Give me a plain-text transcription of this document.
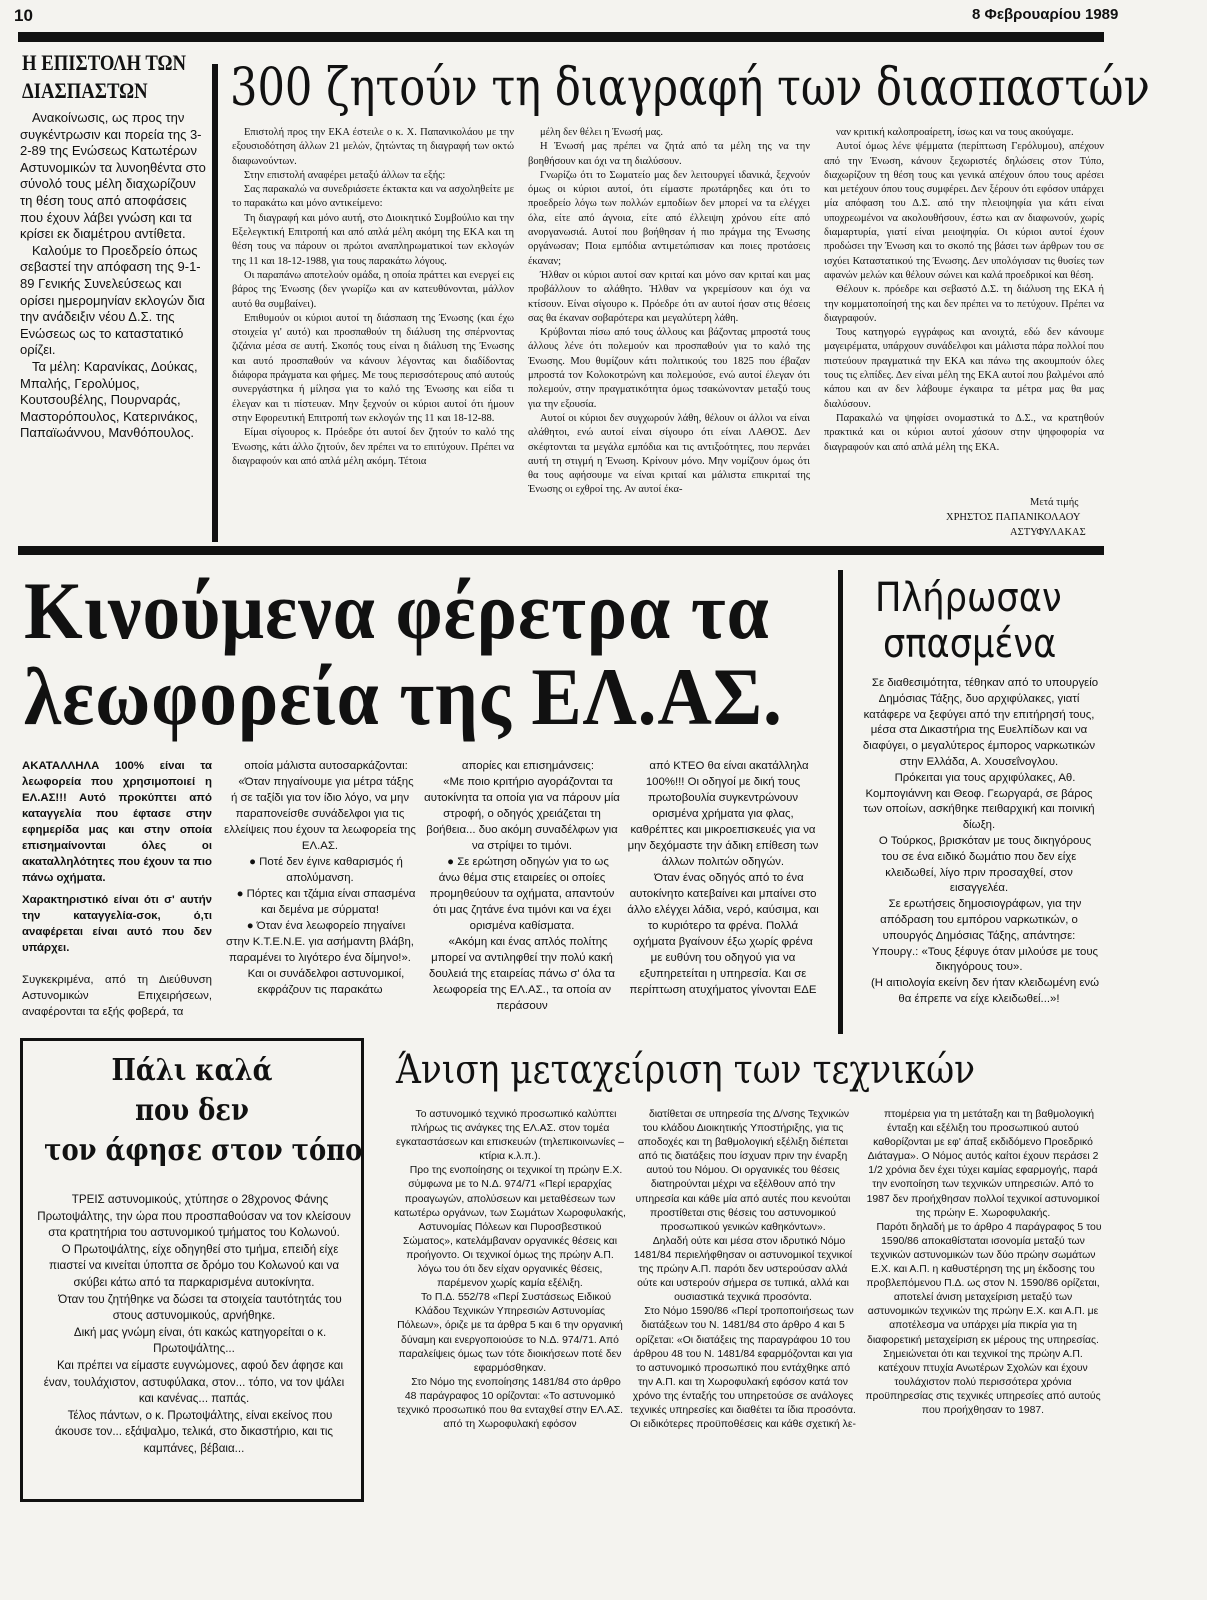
10	8 Φεβρουαρίου 1989
Η ΕΠΙΣΤΟΛΗ ΤΩΝ
ΔΙΑΣΠΑΣΤΩΝ

Ανακοίνωσις, ως προς την συγκέντρωσιν και πορεία της 3-2-89 της Ενώσεως Κατωτέρων Αστυνομικών τα λυνοηθέντα στο σύνολό τους μέλη διαχωρίζουν τη θέση τους από αποφάσεις που έχουν λάβει γνώση και τα κρίσει εκ διαμέτρου αντίθετα.

Καλούμε το Προεδρείο όπως σεβαστεί την απόφαση της 9-1-89 Γενικής Συνελεύσεως και ορίσει ημερομηνίαν εκλογών δια την ανάδειξιν νέου Δ.Σ. της Ενώσεως ως το καταστατικό ορίζει.

Τα μέλη: Καρανίκας, Δούκας, Μπαλής, Γερολύμος, Κουτσουβέλης, Πουρναράς, Μαστορόπουλος, Κατερινάκος, Παπαϊωάννου, Μανθόπουλος.

300 ζητούν τη διαγραφή των διασπαστών

Επιστολή προς την ΕΚΑ έστειλε ο κ. Χ. Παπανικολάου με την εξουσιοδότηση άλλων 21 μελών, ζητώντας τη διαγραφή των οκτώ διαφωνούντων.

Στην επιστολή αναφέρει μεταξύ άλλων τα εξής:

Σας παρακαλώ να συνεδριάσετε έκτακτα και να ασχοληθείτε με το παρακάτω και μόνο αντικείμενο:

Τη διαγραφή και μόνο αυτή, στο Διοικητικό Συμβούλιο και την Εξελεγκτική Επιτροπή και από απλά μέλη ακόμη της ΕΚΑ και τη θέση τους να πάρουν οι πρώτοι αναπληρωματικοί των εκλογών της 11 και 18-12-1988, για τους παρακάτω λόγους.

Οι παραπάνω αποτελούν ομάδα, η οποία πράττει και ενεργεί εις βάρος της Ένωσης (δεν γνωρίζω και αν κατευθύνονται, μάλλον αυτό θα συμβαίνει).

Επιθυμούν οι κύριοι αυτοί τη διάσπαση της Ένωσης (και έχω στοιχεία γι' αυτό) και προσπαθούν τη διάλυση της σπέρνοντας ζιζάνια μέσα σε αυτή. Σκοπός τους είναι η διάλυση της Ένωσης και αυτό προσπαθούν να κάνουν λέγοντας και διαδίδοντας διάφορα πράγματα και φήμες. Με τους περισσότερους από αυτούς συνεργάστηκα ή μίλησα για το καλό της Ένωσης και είδα τι έλεγαν και τι πίστευαν. Μην ξεχνούν οι κύριοι αυτοί ότι ήμουν στην Εφορευτική Επιτροπή των εκλογών της 11 και 18-12-88.

Είμαι σίγουρος κ. Πρόεδρε ότι αυτοί δεν ζητούν το καλό της Ένωσης, κάτι άλλο ζητούν, δεν πρέπει να το επιτύχουν. Πρέπει να διαγραφούν και από απλά μέλη ακόμη. Τέτοια

μέλη δεν θέλει η Ένωσή μας.

Η Ένωσή μας πρέπει να ζητά από τα μέλη της να την βοηθήσουν και όχι να τη διαλύσουν.

Γνωρίζω ότι το Σωματείο μας δεν λειτουργεί ιδανικά, ξεχνούν όμως οι κύριοι αυτοί, ότι είμαστε πρωτάρηδες και ότι το προεδρείο λόγω των πολλών εμποδίων δεν μπορεί να τα ελέγχει όλα, είτε από άγνοια, είτε από έλλειψη χρόνου είτε από ανοργανωσιά. Αυτοί που βοήθησαν ή πιο πράγμα της Ένωσης οργάνωσαν; Ποια εμπόδια αντιμετώπισαν και ποιες προτάσεις έκαναν;

Ήλθαν οι κύριοι αυτοί σαν κριταί και μόνο σαν κριταί και μας προβάλλουν το αλάθητο. Ήλθαν να γκρεμίσουν και όχι να κτίσουν. Είναι σίγουρο κ. Πρόεδρε ότι αν αυτοί ήσαν στις θέσεις σας θα έκαναν σοβαρότερα και μεγαλύτερη λάθη.

Κρύβονται πίσω από τους άλλους και βάζοντας μπροστά τους άλλους λένε ότι πολεμούν και προσπαθούν για το καλό της Ένωσης. Μου θυμίζουν κάτι πολιτικούς του 1825 που έβαζαν μπροστά τον Κολοκοτρώνη και πολεμούσε, ενώ αυτοί έλεγαν ότι πολεμούν, στην πραγματικότητα όμως τσακώνονταν μεταξύ τους για την εξουσία.

Αυτοί οι κύριοι δεν συγχωρούν λάθη, θέλουν οι άλλοι να είναι αλάθητοι, ενώ αυτοί είναι σίγουρο ότι είναι ΛΑΘΟΣ. Δεν σκέφτονται τα μεγάλα εμπόδια και τις αντιξοότητες, που περνάει αυτή τη στιγμή η Ένωση. Κρίνουν μόνο. Μην νομίζουν όμως ότι θα τους αφήσουμε να είναι κριταί και μάλιστα επικριταί της Ένωσης οι εχθροί της. Αν αυτοί έκα-

ναν κριτική καλοπροαίρετη, ίσως και να τους ακούγαμε.

Αυτοί όμως λένε ψέμματα (περίπτωση Γερόλυμου), απέχουν από την Ένωση, κάνουν ξεχωριστές δηλώσεις στον Τύπο, διαχωρίζουν τη θέση τους και γενικά απέχουν όπου τους αρέσει και μετέχουν όπου τους συμφέρει. Δεν ξέρουν ότι εφόσον υπάρχει μία απόφαση του Δ.Σ. από την πλειοψηφία για κάτι είναι υποχρεωμένοι να ακολουθήσουν, έστω και αν διαφωνούν, χωρίς διαμαρτυρία, γιατί είναι μειοψηφία. Οι κύριοι αυτοί έχουν προδώσει την Ένωση και το σκοπό της βάσει των άρθρων του σε ισχύει Καταστατικού της Ένωσης. Δεν υπολόγισαν τις θυσίες των αφανών μελών και θέλουν σώνει και καλά προεδρικοί και θέση.

Θέλουν κ. πρόεδρε και σεβαστό Δ.Σ. τη διάλυση της ΕΚΑ ή την κομματοποίησή της και δεν πρέπει να το πετύχουν. Πρέπει να διαγραφούν.

Τους κατηγορώ εγγράφως και ανοιχτά, εδώ δεν κάνουμε μαγειρέματα, υπάρχουν συνάδελφοι και μάλιστα πάρα πολλοί που πιστεύουν πραγματικά την ΕΚΑ και πάνω της ακουμπούν όλες τους τις ελπίδες. Δεν είναι μέλη της ΕΚΑ αυτοί που βαλμένοι από κάπου και αν δεν λάβουμε έγκαιρα τα μέτρα μας θα μας διαλύσουν.

Παρακαλώ να ψηφίσει ονομαστικά το Δ.Σ., να κρατηθούν πρακτικά και οι κύριοι αυτοί χάσουν στην ψηφοφορία να διαγραφούν και από απλά μέλη της ΕΚΑ.

Μετά τιμής
ΧΡΗΣΤΟΣ ΠΑΠΑΝΙΚΟΛΑΟΥ
ΑΣΤΥΦΥΛΑΚΑΣ
Κινούμενα φέρετρα τα
λεωφορεία της ΕΛ.ΑΣ.

ΑΚΑΤΑΛΛΗΛΑ 100% είναι τα λεωφορεία που χρησιμοποιεί η ΕΛ.ΑΣ!!! Αυτό προκύπτει από καταγγελία που έφτασε στην εφημερίδα μας και στην οποία επισημαίνονται όλες οι ακαταλληλότητες που έχουν τα πιο πάνω οχήματα.

Χαρακτηριστικό είναι ότι σ' αυτήν την καταγγελία-σοκ, ό,τι αναφέρεται είναι αυτό που δεν υπάρχει.

Συγκεκριμένα, από τη Διεύθυνση Αστυνομικών Επιχειρήσεων, αναφέρονται τα εξής φοβερά, τα

οποία μάλιστα αυτοσαρκάζονται:

«Όταν πηγαίνουμε για μέτρα τάξης ή σε ταξίδι για τον ίδιο λόγο, να μην παραπονείσθε συνάδελφοι για τις ελλείψεις που έχουν τα λεωφορεία της ΕΛ.ΑΣ.

● Ποτέ δεν έγινε καθαρισμός ή απολύμανση.

● Πόρτες και τζάμια είναι σπασμένα και δεμένα με σύρματα!

● Όταν ένα λεωφορείο πηγαίνει στην Κ.Τ.Ε.Ν.Ε. για ασήμαντη βλάβη, παραμένει το λιγότερο ένα δίμηνο!».

Και οι συνάδελφοι αστυνομικοί, εκφράζουν τις παρακάτω

απορίες και επισημάνσεις:

«Με ποιο κριτήριο αγοράζονται τα αυτοκίνητα τα οποία για να πάρουν μία στροφή, ο οδηγός χρειάζεται τη βοήθεια... δυο ακόμη συναδέλφων για να στρίψει το τιμόνι.

● Σε ερώτηση οδηγών για το ως άνω θέμα στις εταιρείες οι οποίες προμηθεύουν τα οχήματα, απαντούν ότι μας ζητάνε ένα τιμόνι και να έχει ορισμένα καθίσματα.

«Ακόμη και ένας απλός πολίτης μπορεί να αντιληφθεί την πολύ κακή δουλειά της εταιρείας πάνω σ' όλα τα λεωφορεία της ΕΛ.ΑΣ., τα οποία αν περάσουν

από ΚΤΕΟ θα είναι ακατάλληλα 100%!!! Οι οδηγοί με δική τους πρωτοβουλία συγκεντρώνουν ορισμένα χρήματα για φλας, καθρέπτες και μικροεπισκευές για να μην δεχόμαστε την άδικη επίθεση των άλλων πολιτών οδηγών.

Όταν ένας οδηγός από το ένα αυτοκίνητο κατεβαίνει και μπαίνει στο άλλο ελέγχει λάδια, νερό, καύσιμα, και το κυριότερο τα φρένα. Πολλά οχήματα βγαίνουν έξω χωρίς φρένα με ευθύνη του οδηγού για να εξυπηρετείται η υπηρεσία. Και σε περίπτωση ατυχήματος γίνονται ΕΔΕ

Πλήρωσαν
σπασμένα

Σε διαθεσιμότητα, τέθηκαν από το υπουργείο Δημόσιας Τάξης, δυο αρχιφύλακες, γιατί κατάφερε να ξεφύγει από την επιτήρησή τους, μέσα στα Δικαστήρια της Ευελπίδων και να διαφύγει, ο μεγαλύτερος έμπορος ναρκωτικών στην Ελλάδα, Α. Χουσεΐνογλου.

Πρόκειται για τους αρχιφύλακες, Αθ. Κομπογιάννη και Θεοφ. Γεωργαρά, σε βάρος των οποίων, ασκήθηκε πειθαρχική και ποινική δίωξη.

Ο Τούρκος, βρισκόταν με τους δικηγόρους του σε ένα ειδικό δωμάτιο που δεν είχε κλειδωθεί, λίγο πριν προσαχθεί, στον εισαγγελέα.

Σε ερωτήσεις δημοσιογράφων, για την απόδραση του εμπόρου ναρκωτικών, ο υπουργός Δημόσιας Τάξης, απάντησε:

Υπουργ.: «Τους ξέφυγε όταν μιλούσε με τους δικηγόρους του».

(Η αιτιολογία εκείνη δεν ήταν κλειδωμένη ενώ θα έπρεπε να είχε κλειδωθεί...»!

Πάλι καλά
που δεν
τον άφησε στον τόπο

ΤΡΕΙΣ αστυνομικούς, χτύπησε ο 28χρονος Φάνης Πρωτοψάλτης, την ώρα που προσπαθούσαν να τον κλείσουν στα κρατητήρια του αστυνομικού τμήματος του Κολωνού.

Ο Πρωτοψάλτης, είχε οδηγηθεί στο τμήμα, επειδή είχε πιαστεί να κινείται ύποπτα σε δρόμο του Κολωνού και να σκύβει κάτω από τα παρκαρισμένα αυτοκίνητα.

Όταν του ζητήθηκε να δώσει τα στοιχεία ταυτότητάς του στους αστυνομικούς, αρνήθηκε.

Δική μας γνώμη είναι, ότι κακώς κατηγορείται ο κ. Πρωτοψάλτης...

Και πρέπει να είμαστε ευγνώμονες, αφού δεν άφησε και έναν, τουλάχιστον, αστυφύλακα, στον... τόπο, να τον ψάλει και κανένας... παπάς.

Τέλος πάντων, ο κ. Πρωτοψάλτης, είναι εκείνος που άκουσε τον... εξάψαλμο, τελικά, στο δικαστήριο, και τις καμπάνες, βέβαια...

Άνιση μεταχείριση των τεχνικών

Το αστυνομικό τεχνικό προσωπικό καλύπτει πλήρως τις ανάγκες της ΕΛ.ΑΣ. στον τομέα εγκαταστάσεων και επισκευών (τηλεπικοινωνίες – κτίρια κ.λ.π.).

Προ της ενοποίησης οι τεχνικοί τη πρώην Ε.Χ. σύμφωνα με το Ν.Δ. 974/71 «Περί ιεραρχίας προαγωγών, απολύσεων και μεταθέσεων των κατωτέρω οργάνων, των Σωμάτων Χωροφυλακής, Αστυνομίας Πόλεων και Πυροσβεστικού Σώματος», κατελάμβαναν οργανικές θέσεις και προήγοντο. Οι τεχνικοί όμως της πρώην Α.Π. λόγω του ότι δεν είχαν οργανικές θέσεις, παρέμενον χωρίς καμία εξέλιξη.

Το Π.Δ. 552/78 «Περί Συστάσεως Ειδικού Κλάδου Τεχνικών Υπηρεσιών Αστυνομίας Πόλεων», όριζε με τα άρθρα 5 και 6 την οργανική δύναμη και ενεργοποιούσε το Ν.Δ. 974/71. Από παραλείψεις όμως των τότε διοικήσεων ποτέ δεν εφαρμόσθηκαν.

Στο Νόμο της ενοποίησης 1481/84 στο άρθρο 48 παράγραφος 10 ορίζονται: «Το αστυνομικό τεχνικό προσωπικό που θα ενταχθεί στην ΕΛ.ΑΣ. από τη Χωροφυλακή εφόσον

διατίθεται σε υπηρεσία της Δ/νσης Τεχνικών του κλάδου Διοικητικής Υποστήριξης, για τις αποδοχές και τη βαθμολογική εξέλιξη διέπεται από τις διατάξεις που ίσχυαν πριν την έναρξη αυτού του Νόμου. Οι οργανικές του θέσεις διατηρούνται μέχρι να εξέλθουν από την υπηρεσία και κάθε μία από αυτές που κενούται προστίθεται στις θέσεις του αστυνομικού προσωπικού γενικών καθηκόντων».

Δηλαδή ούτε και μέσα στον ιδρυτικό Νόμο 1481/84 περιελήφθησαν οι αστυνομικοί τεχνικοί της πρώην Α.Π. παρότι δεν υστερούσαν αλλά ούτε και υστερούν σήμερα σε τυπικά, αλλά και ουσιαστικά τεχνικά προσόντα.

Στο Νόμο 1590/86 «Περί τροποποιήσεως των διατάξεων του Ν. 1481/84 στο άρθρο 4 και 5 ορίζεται: «Οι διατάξεις της παραγράφου 10 του άρθρου 48 του Ν. 1481/84 εφαρμόζονται και για το αστυνομικό προσωπικό που εντάχθηκε από την Α.Π. και τη Χωροφυλακή εφόσον κατά τον χρόνο της ένταξής του υπηρετούσε σε ανάλογες τεχνικές υπηρεσίες και διαθέτει τα ίδια προσόντα. Οι ειδικότερες προϋποθέσεις και κάθε σχετική λε-

πτομέρεια για τη μετάταξη και τη βαθμολογική ένταξη και εξέλιξη του προσωπικού αυτού καθορίζονται με εφ' άπαξ εκδιδόμενο Προεδρικό Διάταγμα». Ο Νόμος αυτός καίτοι έχουν περάσει 2 1/2 χρόνια δεν έχει τύχει καμίας εφαρμογής, παρά την ενοποίηση των τεχνικών υπηρεσιών. Από το 1987 δεν προήχθησαν πολλοί τεχνικοί αστυνομικοί της πρώην Ε. Χωροφυλακής.

Παρότι δηλαδή με το άρθρο 4 παράγραφος 5 του 1590/86 αποκαθίσταται ισονομία μεταξύ των τεχνικών αστυνομικών των δύο πρώην σωμάτων Ε.Χ. και Α.Π. η καθυστέρηση της μη έκδοσης του προβλεπόμενου Π.Δ. ως στον Ν. 1590/86 ορίζεται, αποτελεί άνιση μεταχείριση μεταξύ των αστυνομικών τεχνικών της πρώην Ε.Χ. και Α.Π. με αποτέλεσμα να υπάρχει μία πικρία για τη διαφορετική μεταχείριση εκ μέρους της υπηρεσίας. Σημειώνεται ότι και τεχνικοί της πρώην Α.Π. κατέχουν πτυχία Ανωτέρων Σχολών και έχουν τουλάχιστον πολύ περισσότερα χρόνια προϋπηρεσίας στις τεχνικές υπηρεσίες από αυτούς που προήχθησαν το 1987.
